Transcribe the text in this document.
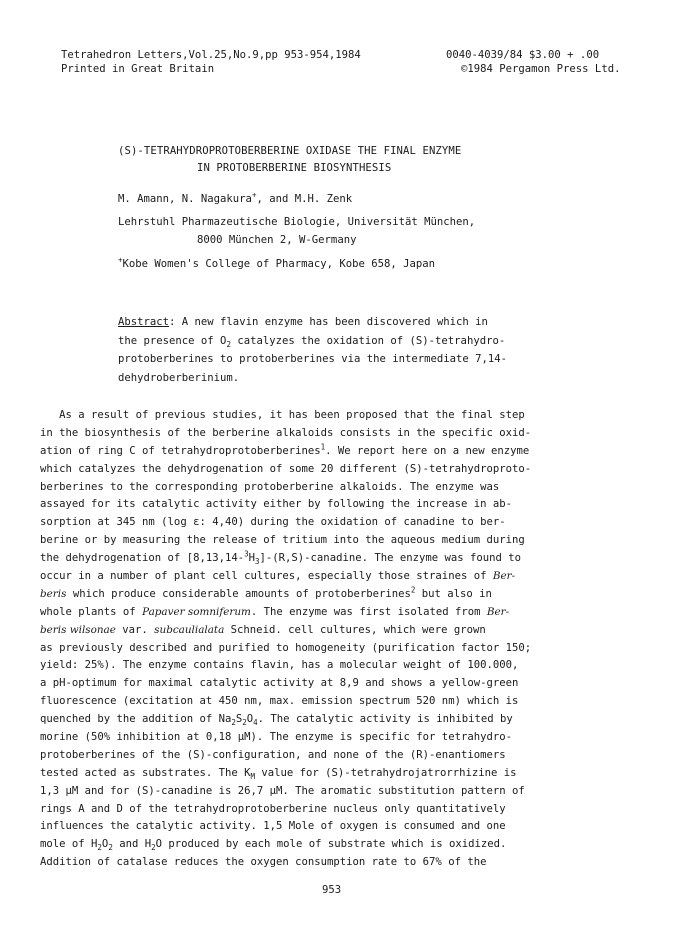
Tetrahedron Letters,Vol.25,No.9,pp 953-954,1984
Printed in Great Britain
0040-4039/84 $3.00 + .00
©1984 Pergamon Press Ltd.
(S)-TETRAHYDROPROTOBERBERINE OXIDASE THE FINAL ENZYME
IN PROTOBERBERINE BIOSYNTHESIS
M. Amann, N. Nagakura+, and M.H. Zenk
Lehrstuhl Pharmazeutische Biologie, Universität München,
8000 München 2, W-Germany
+Kobe Women's College of Pharmacy, Kobe 658, Japan
Abstract: A new flavin enzyme has been discovered which in
the presence of $O_2$ catalyzes the oxidation of (S)-tetrahydro-
protoberberines to protoberberines via the intermediate 7,14-
dehydroberberinium.
As a result of previous studies, it has been proposed that the final step
in the biosynthesis of the berberine alkaloids consists in the specific oxid-
ation of ring C of tetrahydroprotoberberines$^1$. We report here on a new enzyme
which catalyzes the dehydrogenation of some 20 different (S)-tetrahydroproto-
berberines to the corresponding protoberberine alkaloids. The enzyme was
assayed for its catalytic activity either by following the increase in ab-
sorption at 345 nm (log ε: 4,40) during the oxidation of canadine to ber-
berine or by measuring the release of tritium into the aqueous medium during
the dehydrogenation of $[8,13,14-^3H_3]-(R,S)$-canadine. The enzyme was found to
occur in a number of plant cell cultures, especially those straines of Ber-
beris which produce considerable amounts of protoberberines$^2$ but also in
whole plants of Papaver somniferum. The enzyme was first isolated from Ber-
beris wilsonae var. subcaulialata Schneid. cell cultures, which were grown
as previously described and purified to homogeneity (purification factor 150;
yield: 25%). The enzyme contains flavin, has a molecular weight of 100.000,
a pH-optimum for maximal catalytic activity at 8,9 and shows a yellow-green
fluorescence (excitation at 450 nm, max. emission spectrum 520 nm) which is
quenched by the addition of $Na_2S_2O_4$. The catalytic activity is inhibited by
morine (50% inhibition at 0,18 µM). The enzyme is specific for tetrahydro-
protoberberines of the (S)-configuration, and none of the (R)-enantiomers
tested acted as substrates. The $K_M$ value for (S)-tetrahydrojatrorrhizine is
1,3 µM and for (S)-canadine is 26,7 µM. The aromatic substitution pattern of
rings A and D of the tetrahydroprotoberberine nucleus only quantitatively
influences the catalytic activity. 1,5 Mole of oxygen is consumed and one
mole of $H_2O_2$ and $H_2O$ produced by each mole of substrate which is oxidized.
Addition of catalase reduces the oxygen consumption rate to 67% of the
953
